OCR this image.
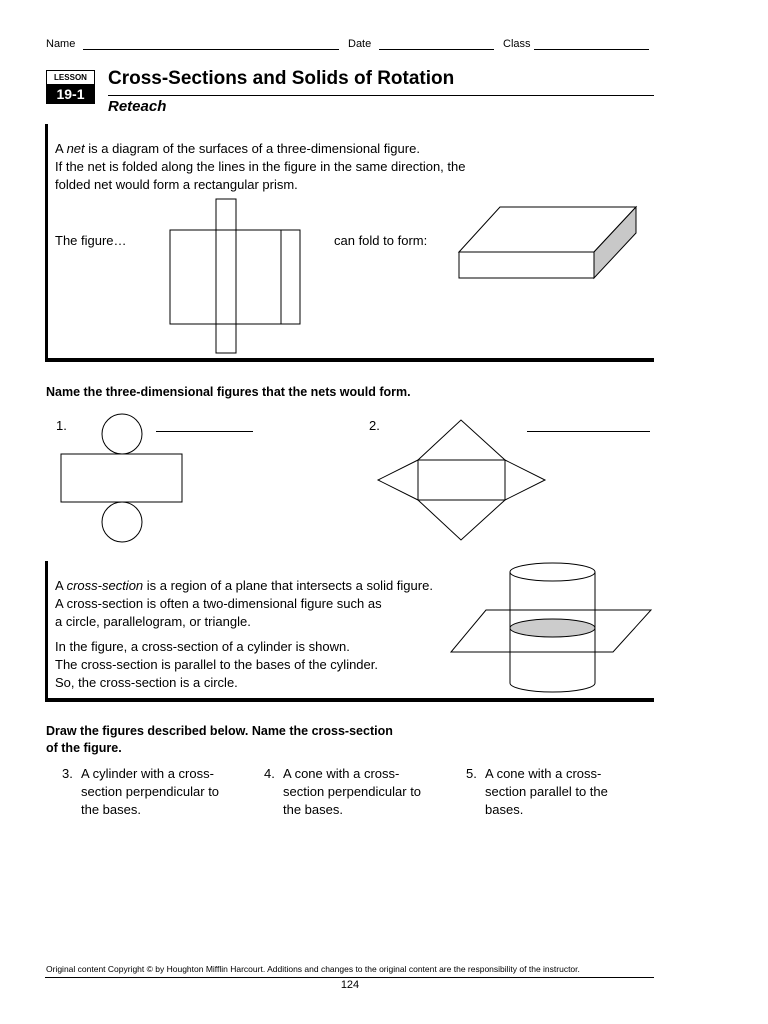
Name	Date	Class
LESSON
19-1
Cross-Sections and Solids of Rotation
Reteach
A net is a diagram of the surfaces of a three-dimensional figure.
If the net is folded along the lines in the figure in the same direction, the
folded net would form a rectangular prism.
The figure…	can fold to form:
Name the three-dimensional figures that the nets would form.
1.	2.
A cross-section is a region of a plane that intersects a solid figure.
A cross-section is often a two-dimensional figure such as
a circle, parallelogram, or triangle.
In the figure, a cross-section of a cylinder is shown.
The cross-section is parallel to the bases of the cylinder.
So, the cross-section is a circle.
Draw the figures described below. Name the cross-section
of the figure.
3. A cylinder with a cross-
section perpendicular to
the bases.
4. A cone with a cross-
section perpendicular to
the bases.
5. A cone with a cross-
section parallel to the
bases.
Original content Copyright © by Houghton Mifflin Harcourt. Additions and changes to the original content are the responsibility of the instructor.
124
